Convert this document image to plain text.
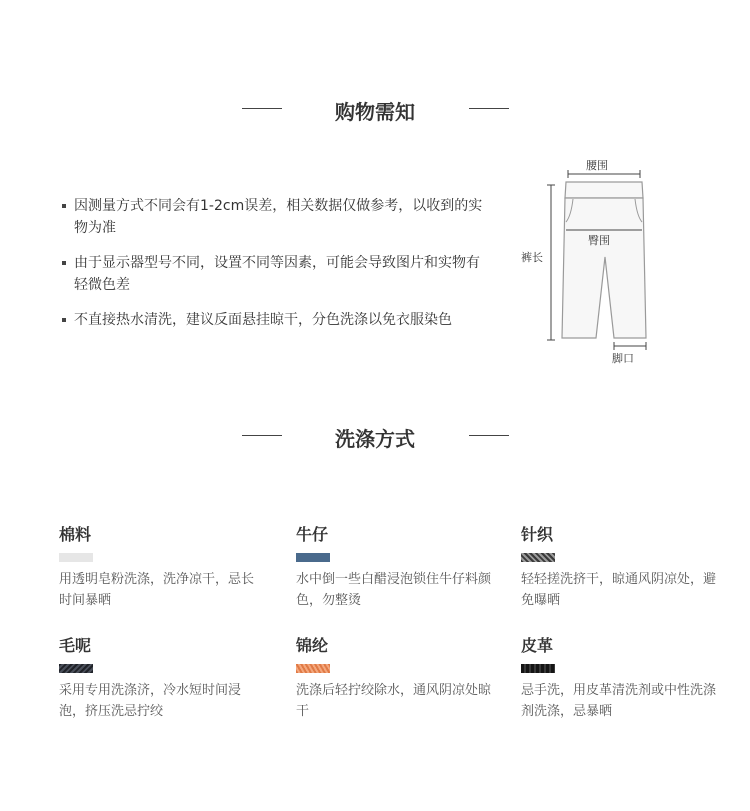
购物需知
因测量方式不同会有1-2cm误差，相关数据仅做参考，以收到的实物为准
由于显示器型号不同，设置不同等因素，可能会导致图片和实物有轻微色差
不直接热水清洗，建议反面悬挂晾干，分色洗涤以免衣服染色
腰围
臀围
裤长
脚口
洗涤方式
棉料
用透明皂粉洗涤，洗净凉干，忌长时间暴晒
牛仔
水中倒一些白醋浸泡锁住牛仔料颜色，勿整烫
针织
轻轻搓洗挤干，晾通风阴凉处，避免曝晒
毛呢
采用专用洗涤济，冷水短时间浸泡，挤压洗忌拧绞
锦纶
洗涤后轻拧绞除水，通风阴凉处晾干
皮革
忌手洗，用皮革清洗剂或中性洗涤剂洗涤，忌暴晒
